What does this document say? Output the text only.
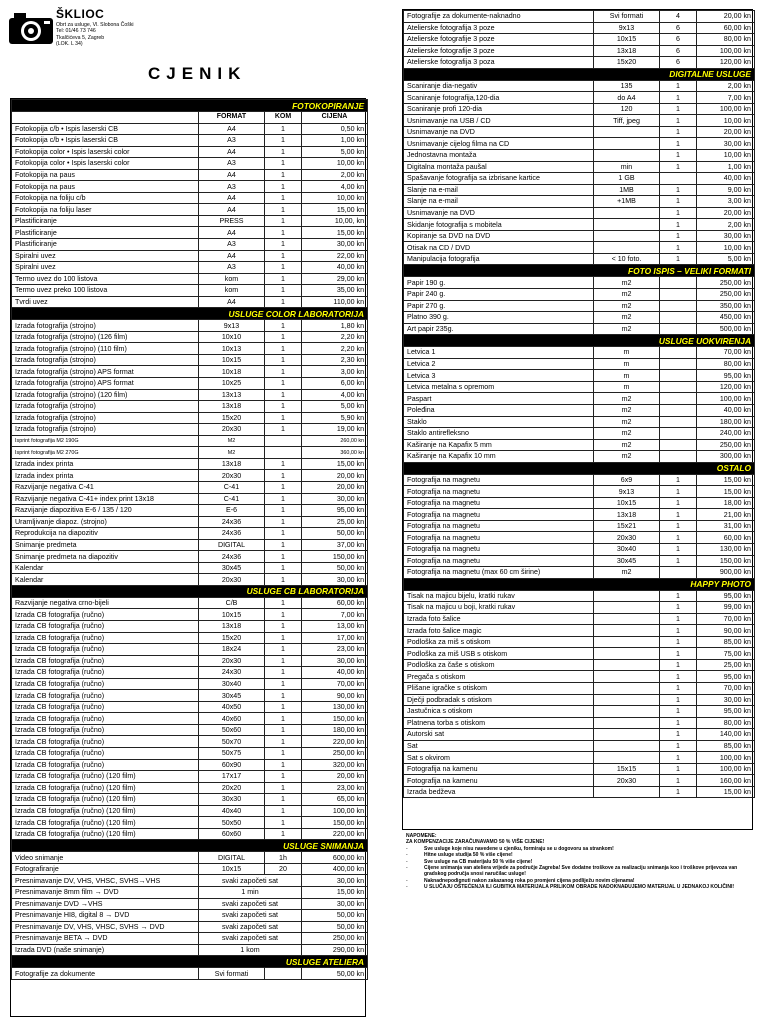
ŠKLIOC
Obrt za usluge, Vl. Slobona Čoški
Tel: 01/46 73 746
Tkalčićeva 5, Zagreb
(LOK. L 34)
CJENIK
FOTOKOPIRANJE			
	FORMAT	KOM	CIJENA
Fotokopija c/b • Ispis laserski CB	A4	1	0,50 kn
Fotokopija c/b • Ispis laserski CB	A3	1	1,00 kn
Fotokopija color • Ispis laserski color	A4	1	5,00 kn
Fotokopija color • Ispis laserski color	A3	1	10,00 kn
Fotokopija na paus	A4	1	2,00 kn
Fotokopija na paus	A3	1	4,00 kn
Fotokopija na foliju c/b	A4	1	10,00 kn
Fotokopija na foliju laser	A4	1	15,00 kn
Plastificiranje	PRESS	1	10,00, kn
Plastificiranje	A4	1	15,00 kn
Plastificiranje	A3	1	30,00 kn
Spiralni uvez	A4	1	22,00 kn
Spiralni uvez	A3	1	40,00 kn
Termo uvez do 100 listova	kom	1	29,00 kn
Termo uvez preko 100 listova	kom	1	35,00 kn
Tvrdi uvez	A4	1	110,00 kn
USLUGE COLOR LABORATORIJA			
Izrada fotografija (strojno)	9x13	1	1,80 kn
Izrada fotografija (strojno) (126 film)	10x10	1	2,20 kn
Izrada fotografija (strojno) (110 film)	10x13	1	2,20 kn
Izrada fotografija (strojno)	10x15	1	2,30 kn
Izrada fotografija (strojno) APS format	10x18	1	3,00 kn
Izrada fotografija (strojno) APS format	10x25	1	6,00 kn
Izrada fotografija (strojno) (120 film)	13x13	1	4,00 kn
Izrada fotografija (strojno)	13x18	1	5,00 kn
Izrada fotografija (strojno)	15x20	1	5,90 kn
Izrada fotografija (strojno)	20x30	1	19,00 kn
Isprint fotografija M2 190G	M2		260,00 kn
Isprint fotografija M2 270G	M2		360,00 kn
Izrada index printa	13x18	1	15,00 kn
Izrada index printa	20x30	1	20,00 kn
Razvijanje negativa C-41	C-41	1	20,00 kn
Razvijanje negativa C-41+ index print 13x18	C-41	1	30,00 kn
Razvijanje diapozitiva E-6 / 135 / 120	E-6	1	95,00 kn
Uramljivanje diapoz. (strojno)	24x36	1	25,00 kn
Reprodukcija na diapozitiv	24x36	1	50,00 kn
Snimanje predmeta	DIGITAL	1	37,00 kn
Snimanje predmeta na diapozitiv	24x36	1	150,00 kn
Kalendar	30x45	1	50,00 kn
Kalendar	20x30	1	30,00 kn
USLUGE CB LABORATORIJA			
Razvijanje negativa crno-bijeli	C/B	1	60,00 kn
Izrada CB fotografija (ručno)	10x15	1	7,00 kn
Izrada CB fotografija (ručno)	13x18	1	13,00 kn
Izrada CB fotografija (ručno)	15x20	1	17,00 kn
Izrada CB fotografija (ručno)	18x24	1	23,00 kn
Izrada CB fotografija (ručno)	20x30	1	30,00 kn
Izrada CB fotografija (ručno)	24x30	1	40,00 kn
Izrada CB fotografija (ručno)	30x40	1	70,00 kn
Izrada CB fotografija (ručno)	30x45	1	90,00 kn
Izrada CB fotografija (ručno)	40x50	1	130,00 kn
Izrada CB fotografija (ručno)	40x60	1	150,00 kn
Izrada CB fotografija (ručno)	50x60	1	180,00 kn
Izrada CB fotografija (ručno)	50x70	1	220,00 kn
Izrada CB fotografija (ručno)	50x75	1	250,00 kn
Izrada CB fotografija (ručno)	60x90	1	320,00 kn
Izrada CB fotografija (ručno) (120 film)	17x17	1	20,00 kn
Izrada CB fotografija (ručno) (120 film)	20x20	1	23,00 kn
Izrada CB fotografija (ručno) (120 film)	30x30	1	65,00 kn
Izrada CB fotografija (ručno) (120 film)	40x40	1	100,00 kn
Izrada CB fotografija (ručno) (120 film)	50x50	1	150,00 kn
Izrada CB fotografija (ručno) (120 film)	60x60	1	220,00 kn
USLUGE SNIMANJA			
Video snimanje	DIGITAL	1h	600,00 kn
Fotografiranje	10x15	20	400,00 kn
Presnimavanje DV, VHS, VHSC, SVHS→VHS	svaki započeti sat		30,00 kn
Presnimavanje 8mm film → DVD	1 min		15,00 kn
Presnimavanje DVD →VHS	svaki započeti sat		30,00 kn
Presnimavanje HI8, digital 8 → DVD	svaki započeti sat		50,00 kn
Presnimavanje DV, VHS, VHSC, SVHS → DVD	svaki započeti sat		50,00 kn
Presnimavanje BETA → DVD	svaki započeti sat		250,00 kn
Izrada DVD (naše snimanje)	1 kom		290,00 kn
USLUGE ATELIERA			
Fotografije za dokumente	Svi formati		50,00 kn
Fotografije za dokumente-naknadno	Svi formati	4	20,00 kn
Atelierske fotografija 3 poze	9x13	6	60,00 kn
Atelierske fotografije 3 poze	10x15	6	80,00 kn
Atelierske fotografije 3 poze	13x18	6	100,00 kn
Atelierske fotografija 3 poza	15x20	6	120,00 kn
DIGITALNE USLUGE			
Scaniranje dia-negativ	135	1	2,00 kn
Scaniranje fotografija,120-dia	do A4	1	7,00 kn
Scaniranje profi 120-dia	120	1	100,00 kn
Usnimavanje na USB / CD	Tiff, jpeg	1	10,00 kn
Usnimavanje na DVD		1	20,00 kn
Usnimavanje cijelog filma na CD		1	30,00 kn
Jednostavna montaža		1	10,00 kn
Digitalna montaža paušal	min	1	1,00 kn
Spašavanje fotografija sa izbrisane kartice	1 GB		40,00 kn
Slanje na e-mail	1MB	1	9,00 kn
Slanje na e-mail	+1MB	1	3,00 kn
Usnimavanje na DVD		1	20,00 kn
Skidanje fotografija s mobitela		1	2,00 kn
Kopiranje sa DVD na DVD		1	30,00 kn
Otisak na CD / DVD		1	10,00 kn
Manipulacija fotografija	< 10 foto.	1	5,00 kn
FOTO ISPIS – VELIKI FORMATI			
Papir 190 g.	m2		250,00 kn
Papir 240 g.	m2		250,00 kn
Papir 270 g.	m2		350,00 kn
Platno 390 g.	m2		450,00 kn
Art papir 235g.	m2		500,00 kn
USLUGE UOKVIRENJA			
Letvica 1	m		70,00 kn
Letvica 2	m		80,00 kn
Letvica 3	m		95,00 kn
Letvica metalna s opremom	m		120,00 kn
Paspart	m2		100,00 kn
Poleđina	m2		40,00 kn
Staklo	m2		180,00 kn
Staklo antirefleksno	m2		240,00 kn
Kaširanje na Kapafix 5 mm	m2		250,00 kn
Kaširanje na Kapafix 10 mm	m2		300,00 kn
OSTALO			
Fotografija na magnetu	6x9	1	15,00 kn
Fotografija na magnetu	9x13	1	15,00 kn
Fotografija na magnetu	10x15	1	18,00 kn
Fotografija na magnetu	13x18	1	21,00 kn
Fotografija na magnetu	15x21	1	31,00 kn
Fotografija na magnetu	20x30	1	60,00 kn
Fotografija na magnetu	30x40	1	130,00 kn
Fotografija na magnetu	30x45	1	150,00 kn
Fotografija na magnetu (max 60 cm širine)	m2		900,00 kn
HAPPY PHOTO			
Tisak na majicu bijelu, kratki rukav		1	95,00 kn
Tisak na majicu u boji, kratki rukav		1	99,00 kn
Izrada foto šalice		1	70,00 kn
Izrada foto šalice magic		1	90,00 kn
Podloška za miš s otiskom		1	85,00 kn
Podloška za miš USB s otiskom		1	75,00 kn
Podloška za čaše s otiskom		1	25,00 kn
Pregača s otiskom		1	95,00 kn
Plišane igračke s otiskom		1	70,00 kn
Dječji podbradak s otiskom		1	30,00 kn
Jastučnica s otiskom		1	95,00 kn
Platnena torba s otiskom		1	80,00 kn
Autorski sat		1	140,00 kn
Sat		1	85,00 kn
Sat s okvirom		1	100,00 kn
Fotografija na kamenu	15x15	1	100,00 kn
Fotografija na kamenu	20x30	1	160,00 kn
Izrada bedževa		1	15,00 kn
NAPOMENE:
ZA KOMPENZACIJE ZARAČUNAVAMO 50 % VIŠE CIJENE!
-	Sve usluge koje nisu navedene u cjeniku, formiraju se u dogovoru sa strankom!
-	Hitne usluge studija 50 % više cijene!
-	Sve usluge na CB materijalu 50 % više cijene!
-	Cijene snimanja van ateliera vrijede za područje Zagreba! Sve dodatne troškove za realizaciju snimanja koo i troškove prijevoza van gradskog područja snosi naručilac usluge!
-	Naknadnepodignuti nakon zakazanog roka po promjeni cijena podliježu novim cijenama!
-	U SLUČAJU OŠTEĆENJA ILI GUBITKA MATERIJALA PRILIKOM OBRADE NADOKNAĐUJEMO MATERIJAL U JEDNAKOJ KOLIČINI!
